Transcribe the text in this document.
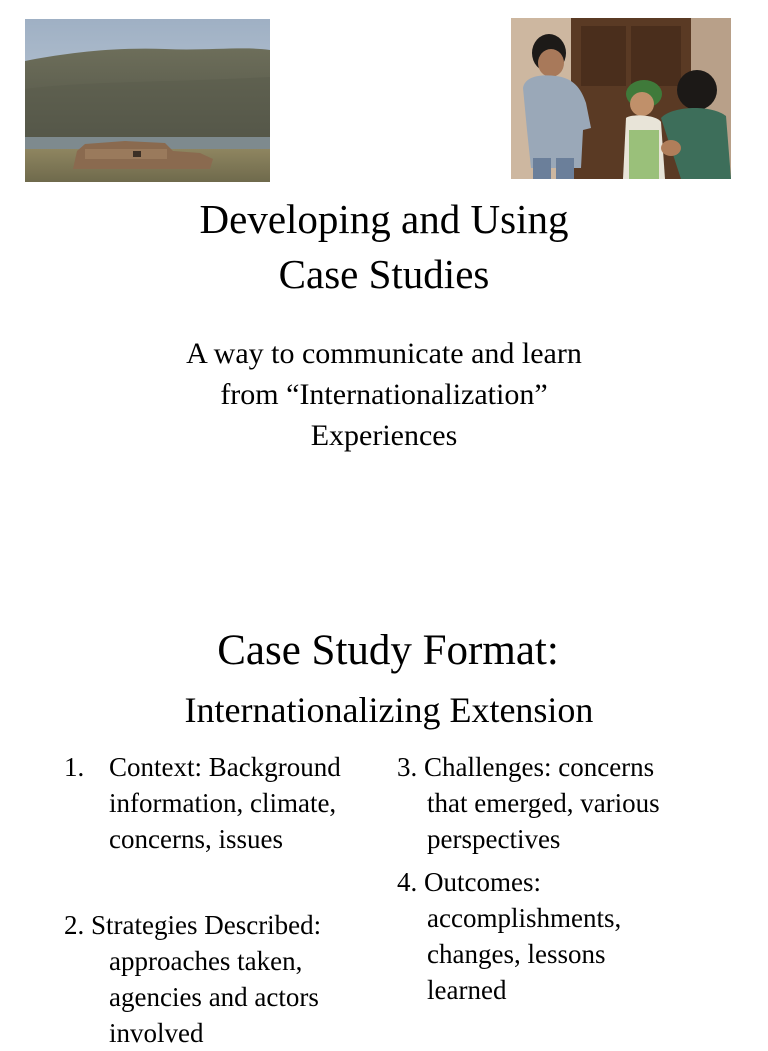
Developing and Using
Case Studies
A way to communicate and learn
from “Internationalization”
Experiences
Case Study Format:
Internationalizing Extension
1. Context: Background
information, climate,
concerns, issues
2. Strategies Described:
approaches taken,
agencies and actors
involved
3. Challenges: concerns
that emerged, various
perspectives
4. Outcomes:
accomplishments,
changes, lessons
learned
